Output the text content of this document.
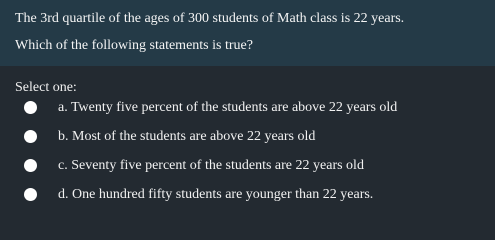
The 3rd quartile of the ages of 300 students of Math class is 22 years.
Which of the following statements is true?
Select one:
a. Twenty five percent of the students are above 22 years old
b. Most of the students are above 22 years old
c. Seventy five percent of the students are 22 years old
d. One hundred fifty students are younger than 22 years.
